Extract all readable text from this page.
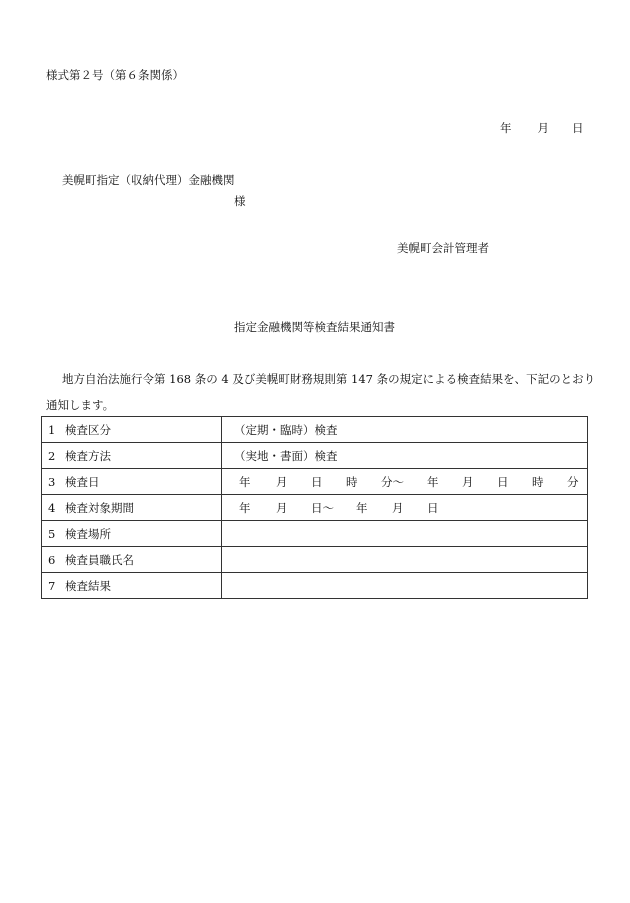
様式第２号（第６条関係）
年 月 日
美幌町指定（収納代理）金融機関
様
美幌町会計管理者
指定金融機関等検査結果通知書
地方自治法施行令第 168 条の 4 及び美幌町財務規則第 147 条の規定による検査結果を、下記のとおり
通知します。
1 検査区分	（定期・臨時）検査
2 検査方法	（実地・書面）検査
3 検査日	年 月 日 時 分〜 年 月 日 時 分
4 検査対象期間	年 月 日〜 年 月 日
5 検査場所	
6 検査員職氏名	
7 検査結果	
